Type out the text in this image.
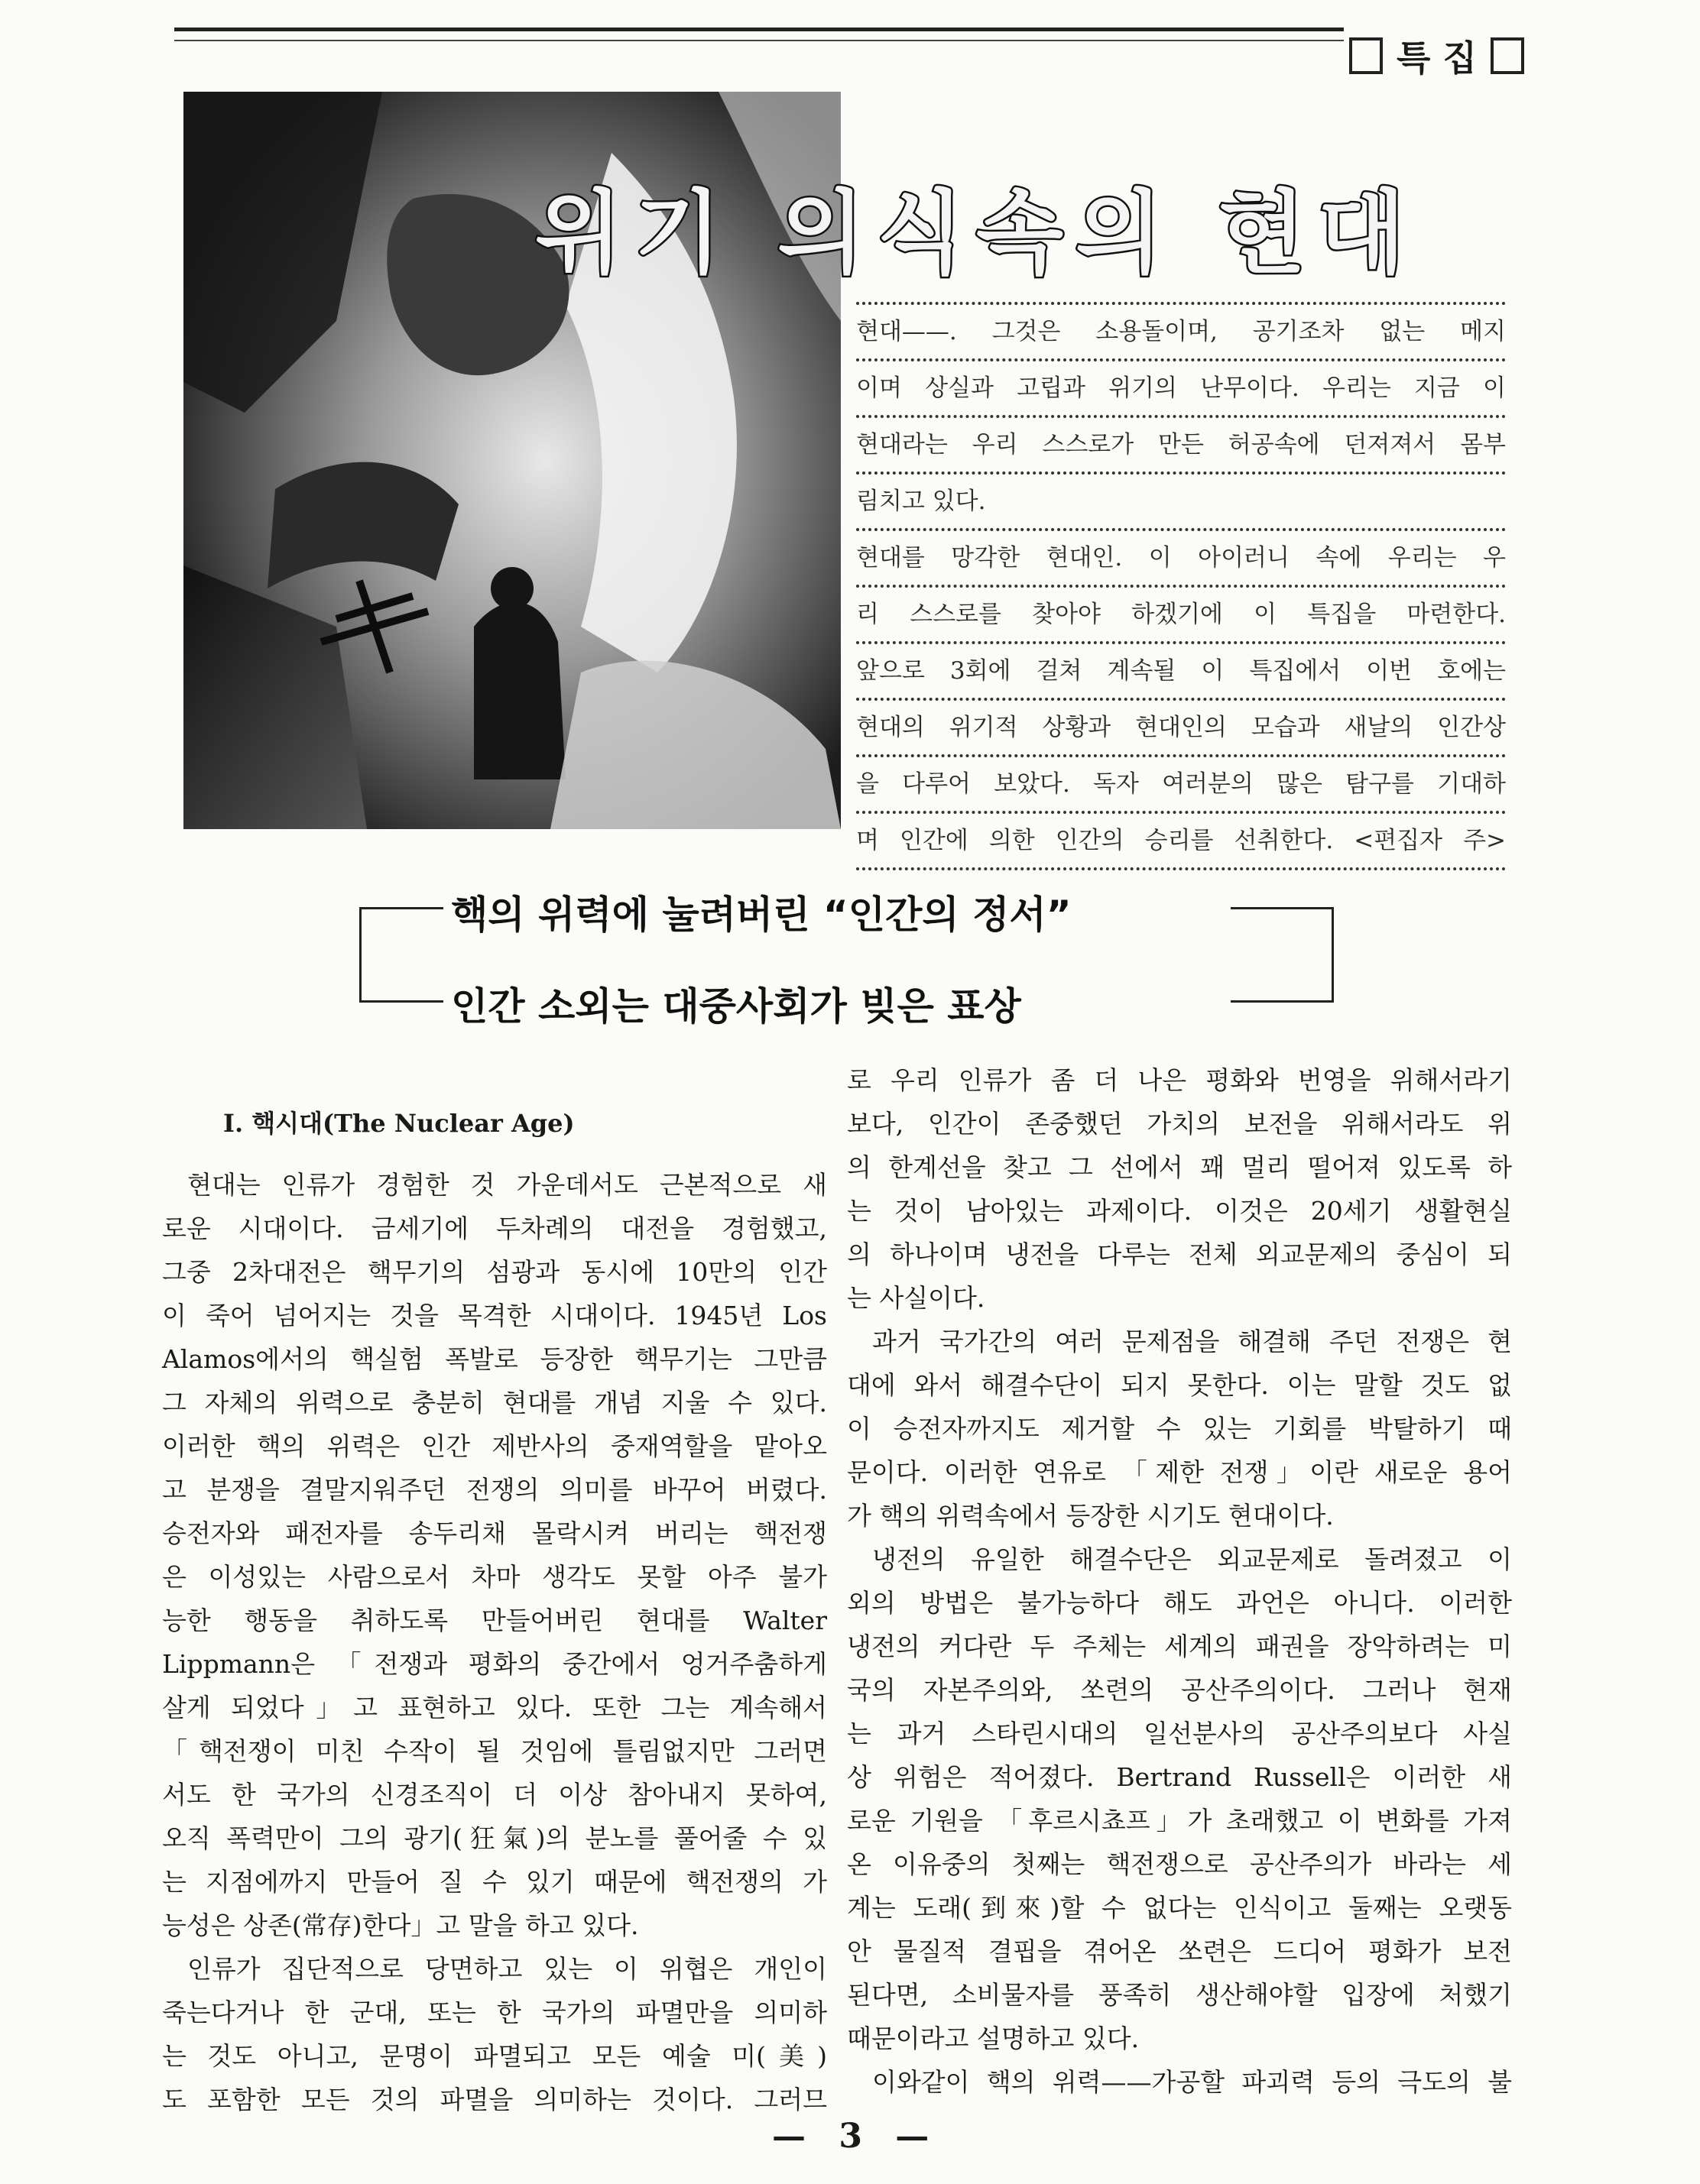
특 집
위기 의식속의 현대
현대——. 그것은 소용돌이며, 공기조차 없는 메지
이며 상실과 고립과 위기의 난무이다. 우리는 지금 이
현대라는 우리 스스로가 만든 허공속에 던져져서 몸부
림치고 있다.
현대를 망각한 현대인. 이 아이러니 속에 우리는 우
리 스스로를 찾아야 하겠기에 이 특집을 마련한다.
앞으로 3회에 걸쳐 계속될 이 특집에서 이번 호에는
현대의 위기적 상황과 현대인의 모습과 새날의 인간상
을 다루어 보았다. 독자 여러분의 많은 탐구를 기대하
며 인간에 의한 인간의 승리를 선취한다. <편집자 주>
핵의 위력에 눌려버린 “인간의 정서”
인간 소외는 대중사회가 빚은 표상
I. 핵시대(The Nuclear Age)

현대는 인류가 경험한 것 가운데서도 근본적으로 새

로운 시대이다. 금세기에 두차례의 대전을 경험했고,

그중 2차대전은 핵무기의 섬광과 동시에 10만의 인간

이 죽어 넘어지는 것을 목격한 시대이다. 1945년 Los

Alamos에서의 핵실험 폭발로 등장한 핵무기는 그만큼

그 자체의 위력으로 충분히 현대를 개념 지울 수 있다.

이러한 핵의 위력은 인간 제반사의 중재역할을 맡아오

고 분쟁을 결말지워주던 전쟁의 의미를 바꾸어 버렸다.

승전자와 패전자를 송두리채 몰락시켜 버리는 핵전쟁

은 이성있는 사람으로서 차마 생각도 못할 아주 불가

능한 행동을 취하도록 만들어버린 현대를 Walter

Lippmann은 「전쟁과 평화의 중간에서 엉거주춤하게

살게 되었다」고 표현하고 있다. 또한 그는 계속해서

「핵전쟁이 미친 수작이 될 것임에 틀림없지만 그러면

서도 한 국가의 신경조직이 더 이상 참아내지 못하여,

오직 폭력만이 그의 광기(狂氣)의 분노를 풀어줄 수 있

는 지점에까지 만들어 질 수 있기 때문에 핵전쟁의 가

능성은 상존(常存)한다」고 말을 하고 있다.

인류가 집단적으로 당면하고 있는 이 위협은 개인이

죽는다거나 한 군대, 또는 한 국가의 파멸만을 의미하

는 것도 아니고, 문명이 파멸되고 모든 예술 미(美)

도 포함한 모든 것의 파멸을 의미하는 것이다. 그러므

로 우리 인류가 좀 더 나은 평화와 번영을 위해서라기

보다, 인간이 존중했던 가치의 보전을 위해서라도 위

의 한계선을 찾고 그 선에서 꽤 멀리 떨어져 있도록 하

는 것이 남아있는 과제이다. 이것은 20세기 생활현실

의 하나이며 냉전을 다루는 전체 외교문제의 중심이 되

는 사실이다.

과거 국가간의 여러 문제점을 해결해 주던 전쟁은 현

대에 와서 해결수단이 되지 못한다. 이는 말할 것도 없

이 승전자까지도 제거할 수 있는 기회를 박탈하기 때

문이다. 이러한 연유로 「제한 전쟁」이란 새로운 용어

가 핵의 위력속에서 등장한 시기도 현대이다.

냉전의 유일한 해결수단은 외교문제로 돌려졌고 이

외의 방법은 불가능하다 해도 과언은 아니다. 이러한

냉전의 커다란 두 주체는 세계의 패권을 장악하려는 미

국의 자본주의와, 쏘련의 공산주의이다. 그러나 현재

는 과거 스타린시대의 일선분사의 공산주의보다 사실

상 위험은 적어졌다. Bertrand Russell은 이러한 새

로운 기원을 「후르시쵸프」가 초래했고 이 변화를 가져

온 이유중의 첫째는 핵전쟁으로 공산주의가 바라는 세

계는 도래(到來)할 수 없다는 인식이고 둘째는 오랫동

안 물질적 결핍을 겪어온 쏘련은 드디어 평화가 보전

된다면, 소비물자를 풍족히 생산해야할 입장에 처했기

때문이라고 설명하고 있다.

이와같이 핵의 위력——가공할 파괴력 등의 극도의 불

— 3 —
